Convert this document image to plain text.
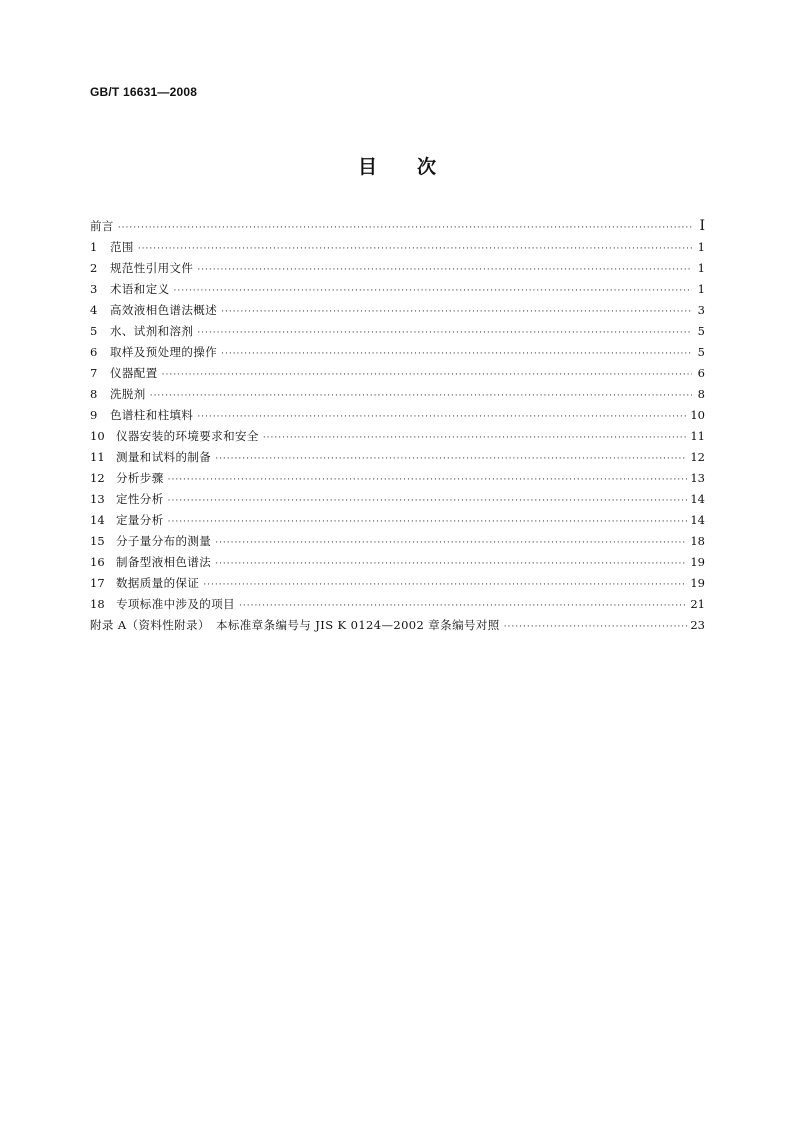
GB/T 16631—2008
目 次
前言 ·····	Ⅰ
1	范围 ·····	1
2	规范性引用文件 ·····	1
3	术语和定义 ·····	1
4	高效液相色谱法概述 ·····	3
5	水、试剂和溶剂 ·····	5
6	取样及预处理的操作 ·····	5
7	仪器配置 ·····	6
8	洗脱剂 ·····	8
9	色谱柱和柱填料 ·····	10
10 仪器安装的环境要求和安全 ·····	11
11 测量和试料的制备 ·····	12
12 分析步骤 ·····	13
13 定性分析 ·····	14
14 定量分析 ·····	14
15 分子量分布的测量 ·····	18
16 制备型液相色谱法 ·····	19
17 数据质量的保证 ·····	19
18 专项标准中涉及的项目 ·····	21
附录 A（资料性附录）　本标准章条编号与 JIS K 0124—2002 章条编号对照 ·····	23
